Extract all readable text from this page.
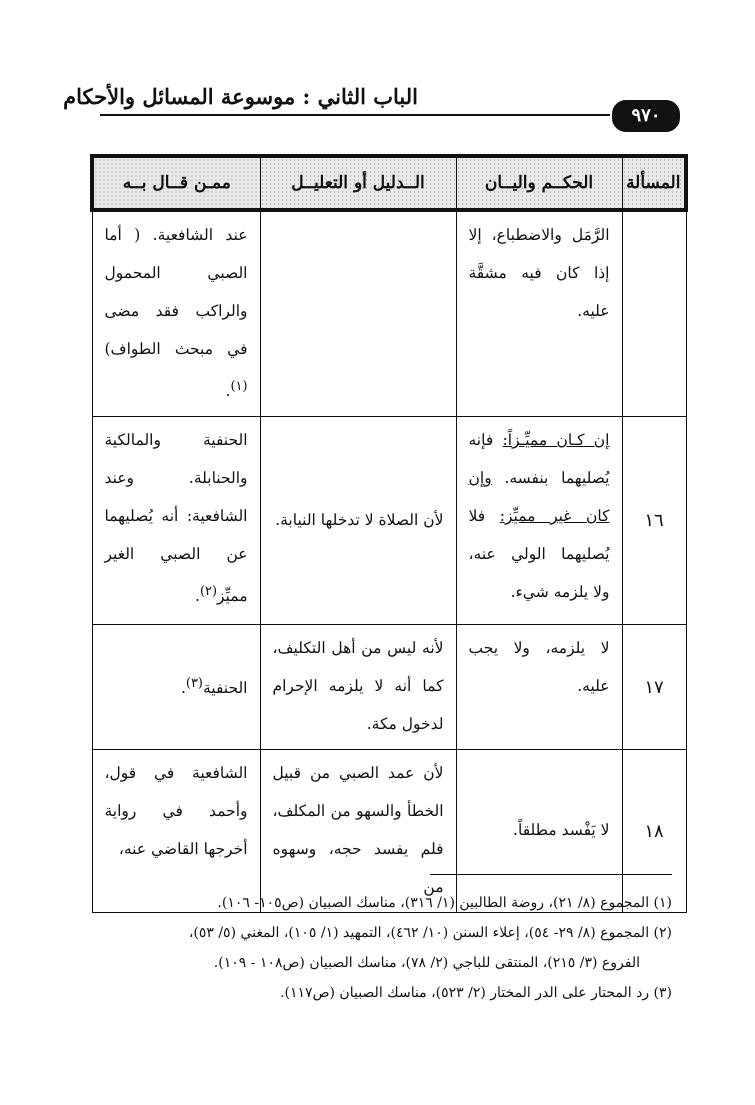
الباب الثاني : موسوعة المسائل والأحكام
٩٧٠
المسألة	الحكــم واليــان	الــدليل أو التعليــل	ممـن قــال بــه
	الرَّمَل والاضطباع، إلا إذا كان فيه مشقَّة عليه.		عند الشافعية. ( أما الصبي المحمول والراكب فقد مضى في مبحث الطواف)$^{(١)}$.
١٦	إن كـان مميِّـزاً: فإنه يُصليهما بنفسه. وإن كان غير مميِّز: فلا يُصليهما الولي عنه، ولا يلزمه شيء.	لأن الصلاة لا تدخلها النيابة.	الحنفية والمالكية والحنابلة. وعند الشافعية: أنه يُصليهما عن الصبي الغير مميِّز$^{(٢)}$.
١٧	لا يلزمه، ولا يجب عليه.	لأنه ليس من أهل التكليف، كما أنه لا يلزمه الإحرام لدخول مكة.	الحنفية$^{(٣)}$.
١٨	لا يَفْسد مطلقاً.	لأن عمد الصبي من قبيل الخطأ والسهو من المكلف، فلم يفسد حجه، وسهوه من	الشافعية في قول، وأحمد في رواية أخرجها القاضي عنه،
(١) المجموع (٨/ ٢١)، روضة الطالبين (١/ ٣١٦)، مناسك الصبيان (ص١٠٥- ١٠٦).
(٢) المجموع (٨/ ٢٩- ٥٤)، إعلاء السنن (١٠/ ٤٦٢)، التمهيد (١/ ١٠٥)، المغني (٥/ ٥٣)،
الفروع (٣/ ٢١٥)، المنتقى للباجي (٢/ ٧٨)، مناسك الصبيان (ص١٠٨ - ١٠٩).
(٣) رد المحتار على الدر المختار (٢/ ٥٢٣)، مناسك الصبيان (ص١١٧).
